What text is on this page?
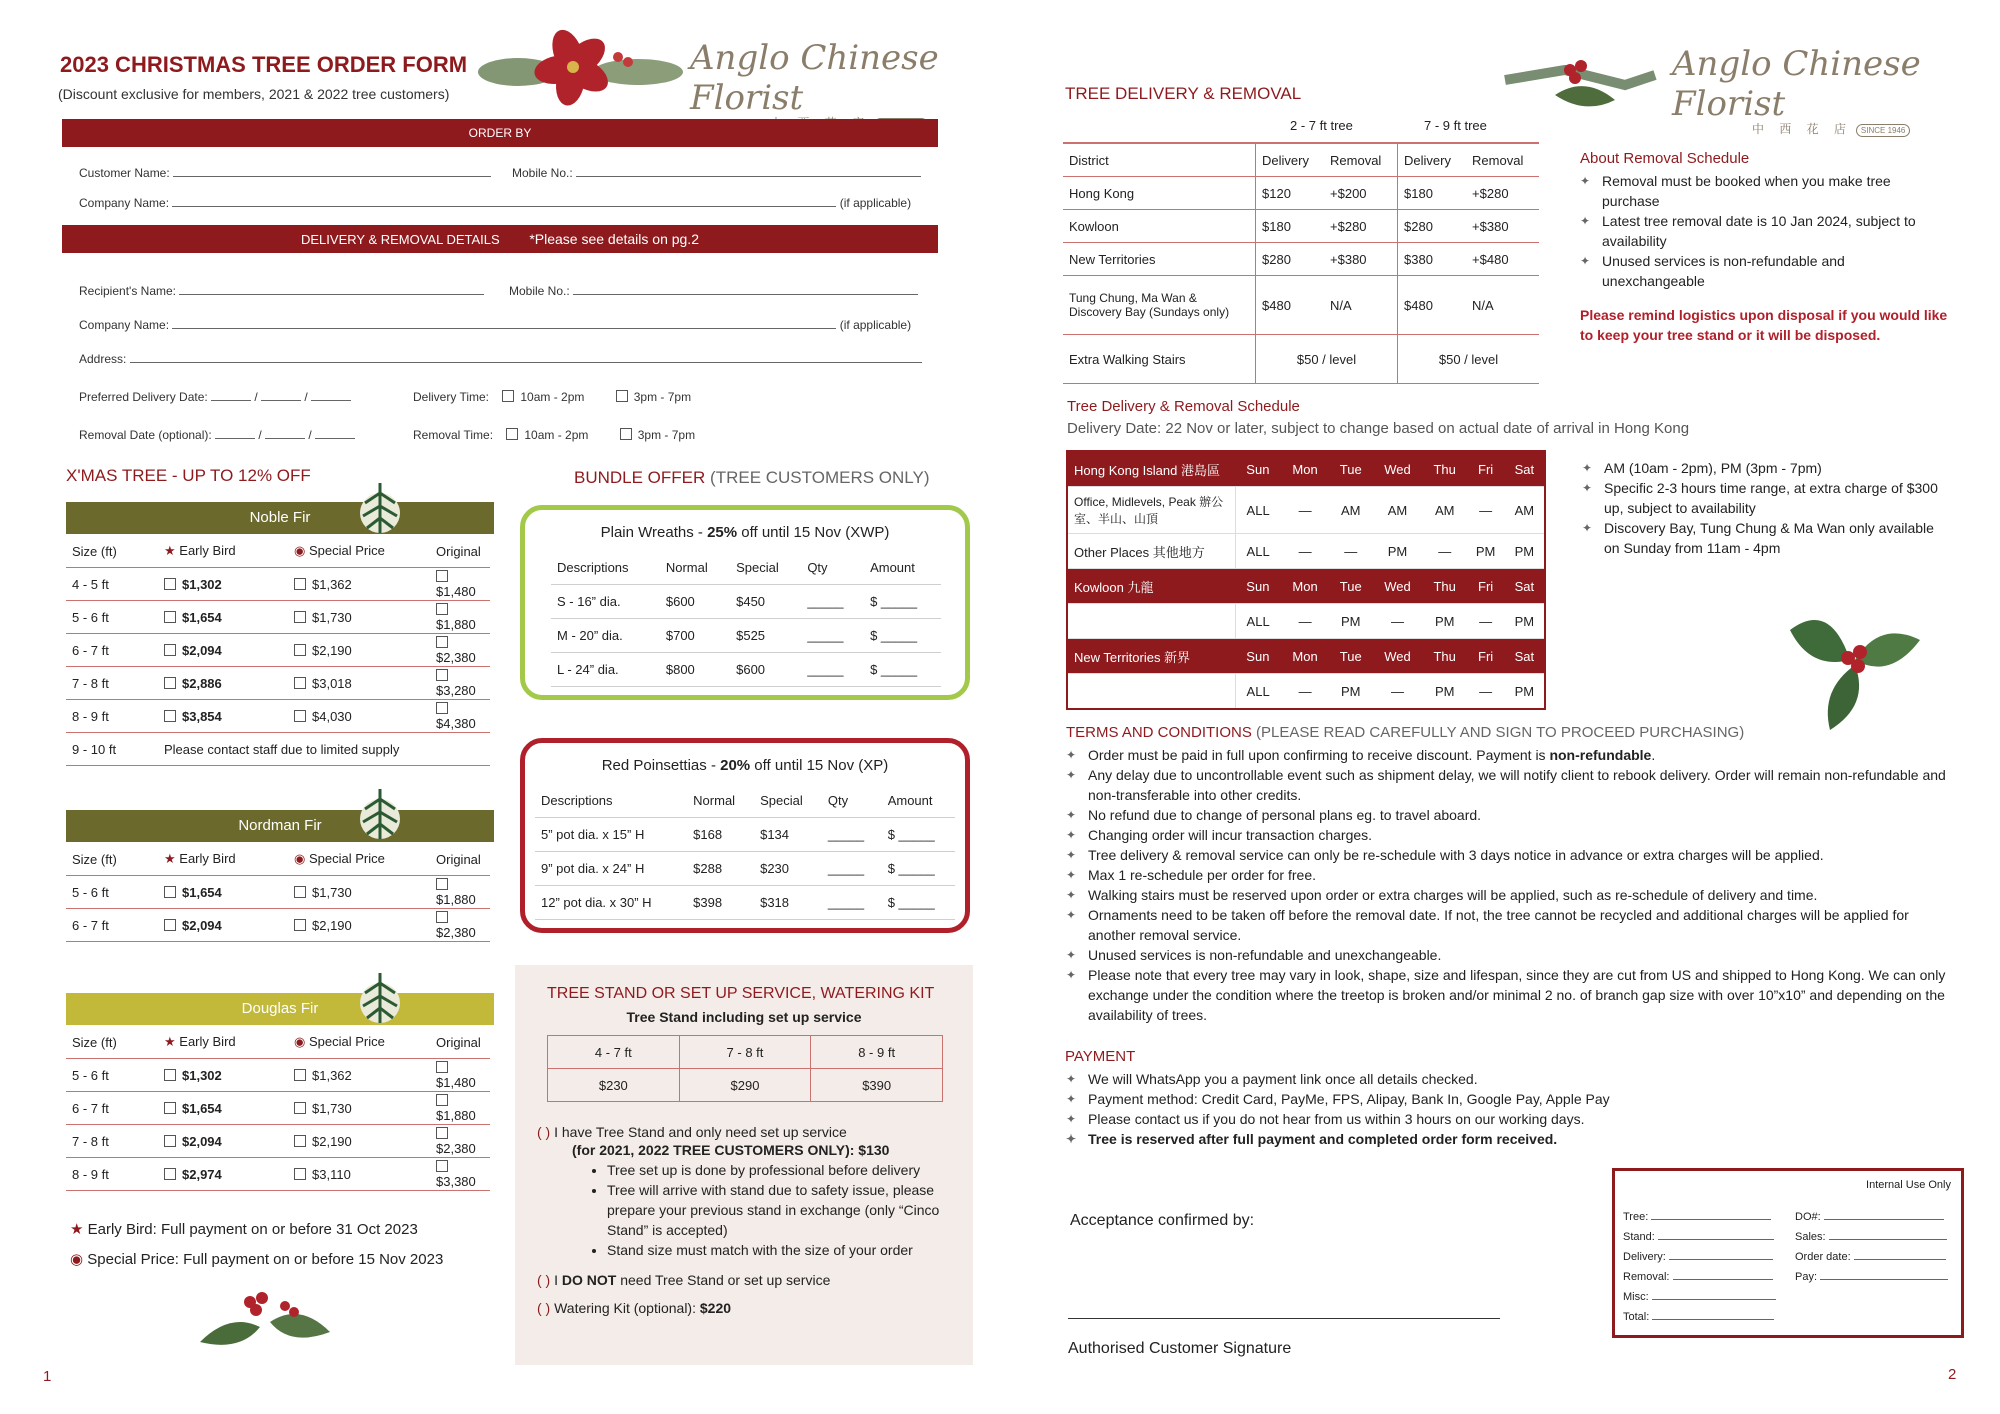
2023 CHRISTMAS TREE ORDER FORM
(Discount exclusive for members, 2021 & 2022 tree customers)
Anglo Chinese Florist
ORDER BY
Customer Name:	Mobile No.:
Company Name:	(if applicable)
DELIVERY & REMOVAL DETAILS *Please see details on pg.2
Recipient's Name:	Mobile No.:
Company Name:	(if applicable)
Address:
Preferred Delivery Date:	/	/	Delivery Time:	10am - 2pm	3pm - 7pm
Removal Date (optional):	/	/	Removal Time:	10am - 2pm	3pm - 7pm
X'MAS TREE - UP TO 12% OFF
Noble Fir
Size (ft)	★ Early Bird	◉ Special Price	Original
4 - 5 ft	$1,302	$1,362	$1,480
5 - 6 ft	$1,654	$1,730	$1,880
6 - 7 ft	$2,094	$2,190	$2,380
7 - 8 ft	$2,886	$3,018	$3,280
8 - 9 ft	$3,854	$4,030	$4,380
9 - 10 ft	Please contact staff due to limited supply		
Nordman Fir
Size (ft)	★ Early Bird	◉ Special Price	Original
5 - 6 ft	$1,654	$1,730	$1,880
6 - 7 ft	$2,094	$2,190	$2,380
Douglas Fir
Size (ft)	★ Early Bird	◉ Special Price	Original
5 - 6 ft	$1,302	$1,362	$1,480
6 - 7 ft	$1,654	$1,730	$1,880
7 - 8 ft	$2,094	$2,190	$2,380
8 - 9 ft	$2,974	$3,110	$3,380
★ Early Bird: Full payment on or before 31 Oct 2023
◉ Special Price: Full payment on or before 15 Nov 2023
BUNDLE OFFER (TREE CUSTOMERS ONLY)
Plain Wreaths - 25% off until 15 Nov (XWP)
Descriptions	Normal	Special	Qty	Amount
S - 16” dia.	$600	$450	_____	$ _____
M - 20” dia.	$700	$525	_____	$ _____
L - 24” dia.	$800	$600	_____	$ _____
Red Poinsettias - 20% off until 15 Nov (XP)
Descriptions	Normal	Special	Qty	Amount
5” pot dia. x 15” H	$168	$134	_____	$ _____
9” pot dia. x 24” H	$288	$230	_____	$ _____
12” pot dia. x 30” H	$398	$318	_____	$ _____
TREE STAND OR SET UP SERVICE, WATERING KIT
Tree Stand including set up service
4 - 7 ft	7 - 8 ft	8 - 9 ft
$230	$290	$390
( ) I have Tree Stand and only need set up service
(for 2021, 2022 TREE CUSTOMERS ONLY): $130
• Tree set up is done by professional before delivery
• Tree will arrive with stand due to safety issue, please prepare your previous stand in exchange (only “Cinco Stand” is accepted)
• Stand size must match with the size of your order
( ) I DO NOT need Tree Stand or set up service
( ) Watering Kit (optional): $220
1
Anglo Chinese Florist
中 西 花 店 SINCE 1946
TREE DELIVERY & REMOVAL
2 - 7 ft tree	7 - 9 ft tree
District	Delivery	Removal	Delivery	Removal
Hong Kong	$120	+$200	$180	+$280
Kowloon	$180	+$280	$280	+$380
New Territories	$280	+$380	$380	+$480
Tung Chung, Ma Wan & Discovery Bay (Sundays only)	$480	N/A	$480	N/A
Extra Walking Stairs	$50 / level		$50 / level	
About Removal Schedule
✦ Removal must be booked when you make tree purchase
✦ Latest tree removal date is 10 Jan 2024, subject to availability
✦ Unused services is non-refundable and unexchangeable
Please remind logistics upon disposal if you would like to keep your tree stand or it will be disposed.
Tree Delivery & Removal Schedule
Delivery Date: 22 Nov or later, subject to change based on actual date of arrival in Hong Kong
Hong Kong Island 港島區	Sun	Mon	Tue	Wed	Thu	Fri	Sat
Office, Midlevels, Peak 辦公室、半山、山頂	ALL	—	AM	AM	AM	—	AM
Other Places 其他地方	ALL	—	—	PM	—	PM	PM
Kowloon 九龍	Sun	Mon	Tue	Wed	Thu	Fri	Sat
	ALL	—	PM	—	PM	—	PM
New Territories 新界	Sun	Mon	Tue	Wed	Thu	Fri	Sat
	ALL	—	PM	—	PM	—	PM
✦ AM (10am - 2pm), PM (3pm - 7pm)
✦ Specific 2-3 hours time range, at extra charge of $300 up, subject to availability
✦ Discovery Bay, Tung Chung & Ma Wan only available on Sunday from 11am - 4pm
TERMS AND CONDITIONS (PLEASE READ CAREFULLY AND SIGN TO PROCEED PURCHASING)
✦ Order must be paid in full upon confirming to receive discount. Payment is non-refundable.
✦ Any delay due to uncontrollable event such as shipment delay, we will notify client to rebook delivery. Order will remain non-refundable and non-transferable into other credits.
✦ No refund due to change of personal plans eg. to travel aboard.
✦ Changing order will incur transaction charges.
✦ Tree delivery & removal service can only be re-schedule with 3 days notice in advance or extra charges will be applied.
✦ Max 1 re-schedule per order for free.
✦ Walking stairs must be reserved upon order or extra charges will be applied, such as re-schedule of delivery and time.
✦ Ornaments need to be taken off before the removal date. If not, the tree cannot be recycled and additional charges will be applied for another removal service.
✦ Unused services is non-refundable and unexchangeable.
✦ Please note that every tree may vary in look, shape, size and lifespan, since they are cut from US and shipped to Hong Kong. We can only exchange under the condition where the treetop is broken and/or minimal 2 no. of branch gap size with over 10”x10” and depending on the availability of trees.
PAYMENT
✦ We will WhatsApp you a payment link once all details checked.
✦ Payment method: Credit Card, PayMe, FPS, Alipay, Bank In, Google Pay, Apple Pay
✦ Please contact us if you do not hear from us within 3 hours on our working days.
✦ Tree is reserved after full payment and completed order form received.
Acceptance confirmed by:
Authorised Customer Signature
Internal Use Only
Tree:
Stand:
Delivery:
Removal:
Misc:
Total:
DO#:
Sales:
Order date:
Pay:
2
